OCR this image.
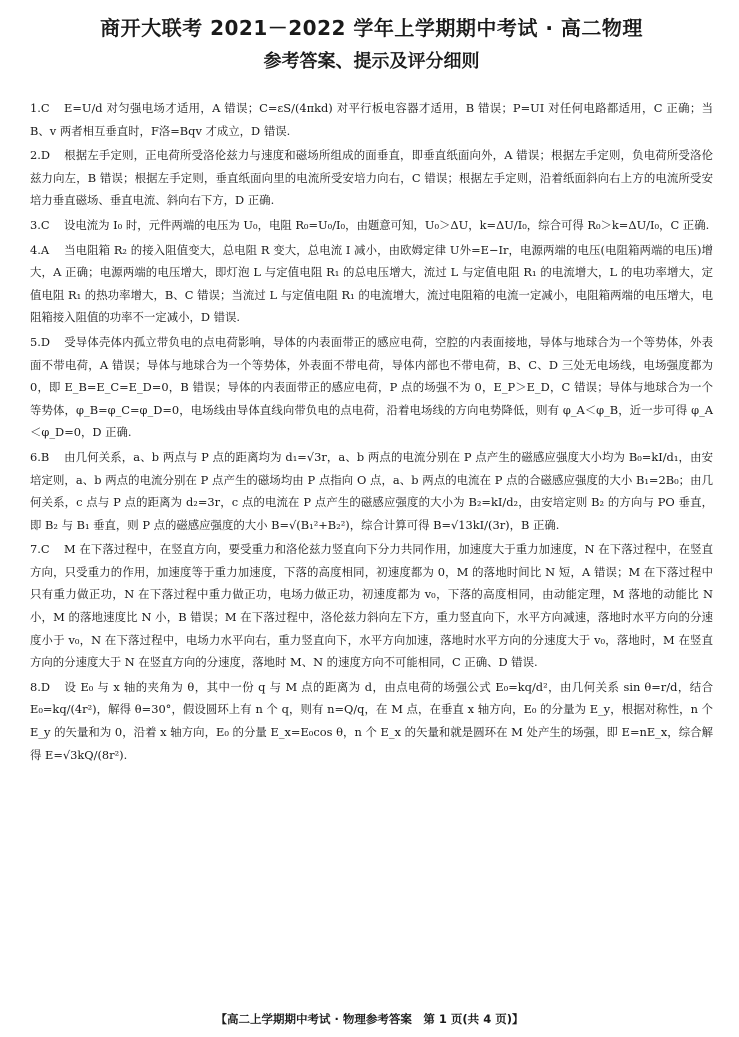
商开大联考 2021－2022 学年上学期期中考试 · 高二物理
参考答案、提示及评分细则
1.C E=U/d 对匀强电场才适用，A 错误；C=εS/(4πkd) 对平行板电容器才适用，B 错误；P=UI 对任何电路都适用，C 正确；当 B、v 两者相互垂直时，F洛=Bqv 才成立，D 错误.
2.D 根据左手定则，正电荷所受洛伦兹力与速度和磁场所组成的面垂直，即垂直纸面向外，A 错误；根据左手定则，负电荷所受洛伦兹力向左，B 错误；根据左手定则，垂直纸面向里的电流所受安培力向右，C 错误；根据左手定则，沿着纸面斜向右上方的电流所受安培力垂直磁场、垂直电流、斜向右下方，D 正确.
3.C 设电流为 I₀ 时，元件两端的电压为 U₀，电阻 R₀=U₀/I₀，由题意可知，U₀＞ΔU，k=ΔU/I₀，综合可得 R₀＞k=ΔU/I₀，C 正确.
4.A 当电阻箱 R₂ 的接入阻值变大，总电阻 R 变大，总电流 I 减小，由欧姆定律 U外=E−Ir，电源两端的电压(电阻箱两端的电压)增大，A 正确；电源两端的电压增大，即灯泡 L 与定值电阻 R₁ 的总电压增大，流过 L 与定值电阻 R₁ 的电流增大，L 的电功率增大，定值电阻 R₁ 的热功率增大，B、C 错误；当流过 L 与定值电阻 R₁ 的电流增大，流过电阻箱的电流一定减小，电阻箱两端的电压增大，电阻箱接入阻值的功率不一定减小，D 错误.
5.D 受导体壳体内孤立带负电的点电荷影响，导体的内表面带正的感应电荷，空腔的内表面接地，导体与地球合为一个等势体，外表面不带电荷，A 错误；导体与地球合为一个等势体，外表面不带电荷，导体内部也不带电荷，B、C、D 三处无电场线，电场强度都为 0，即 E_B=E_C=E_D=0，B 错误；导体的内表面带正的感应电荷，P 点的场强不为 0，E_P＞E_D，C 错误；导体与地球合为一个等势体，φ_B=φ_C=φ_D=0，电场线由导体直线向带负电的点电荷，沿着电场线的方向电势降低，则有 φ_A＜φ_B，近一步可得 φ_A＜φ_D=0，D 正确.
6.B 由几何关系，a、b 两点与 P 点的距离均为 d₁=√3r，a、b 两点的电流分别在 P 点产生的磁感应强度大小均为 B₀=kI/d₁，由安培定则，a、b 两点的电流分别在 P 点产生的磁场均由 P 点指向 O 点，a、b 两点的电流在 P 点的合磁感应强度的大小 B₁=2B₀；由几何关系，c 点与 P 点的距离为 d₂=3r，c 点的电流在 P 点产生的磁感应强度的大小为 B₂=kI/d₂，由安培定则 B₂ 的方向与 PO 垂直，即 B₂ 与 B₁ 垂直，则 P 点的磁感应强度的大小 B=√(B₁²+B₂²)，综合计算可得 B=√13kI/(3r)，B 正确.
7.C M 在下落过程中，在竖直方向，要受重力和洛伦兹力竖直向下分力共同作用，加速度大于重力加速度，N 在下落过程中，在竖直方向，只受重力的作用，加速度等于重力加速度，下落的高度相同，初速度都为 0，M 的落地时间比 N 短，A 错误；M 在下落过程中只有重力做正功，N 在下落过程中重力做正功，电场力做正功，初速度都为 v₀，下落的高度相同，由动能定理，M 落地的动能比 N 小，M 的落地速度比 N 小，B 错误；M 在下落过程中，洛伦兹力斜向左下方，重力竖直向下，水平方向减速，落地时水平方向的分速度小于 v₀，N 在下落过程中，电场力水平向右，重力竖直向下，水平方向加速，落地时水平方向的分速度大于 v₀，落地时，M 在竖直方向的分速度大于 N 在竖直方向的分速度，落地时 M、N 的速度方向不可能相同，C 正确、D 错误.
8.D 设 E₀ 与 x 轴的夹角为 θ，其中一份 q 与 M 点的距离为 d，由点电荷的场强公式 E₀=kq/d²，由几何关系 sin θ=r/d，结合 E₀=kq/(4r²)，解得 θ=30°，假设圆环上有 n 个 q，则有 n=Q/q，在 M 点，在垂直 x 轴方向，E₀ 的分量为 E_y，根据对称性，n 个 E_y 的矢量和为 0，沿着 x 轴方向，E₀ 的分量 E_x=E₀cos θ，n 个 E_x 的矢量和就是圆环在 M 处产生的场强，即 E=nE_x，综合解得 E=√3kQ/(8r²).
【高二上学期期中考试 · 物理参考答案　第 1 页(共 4 页)】
